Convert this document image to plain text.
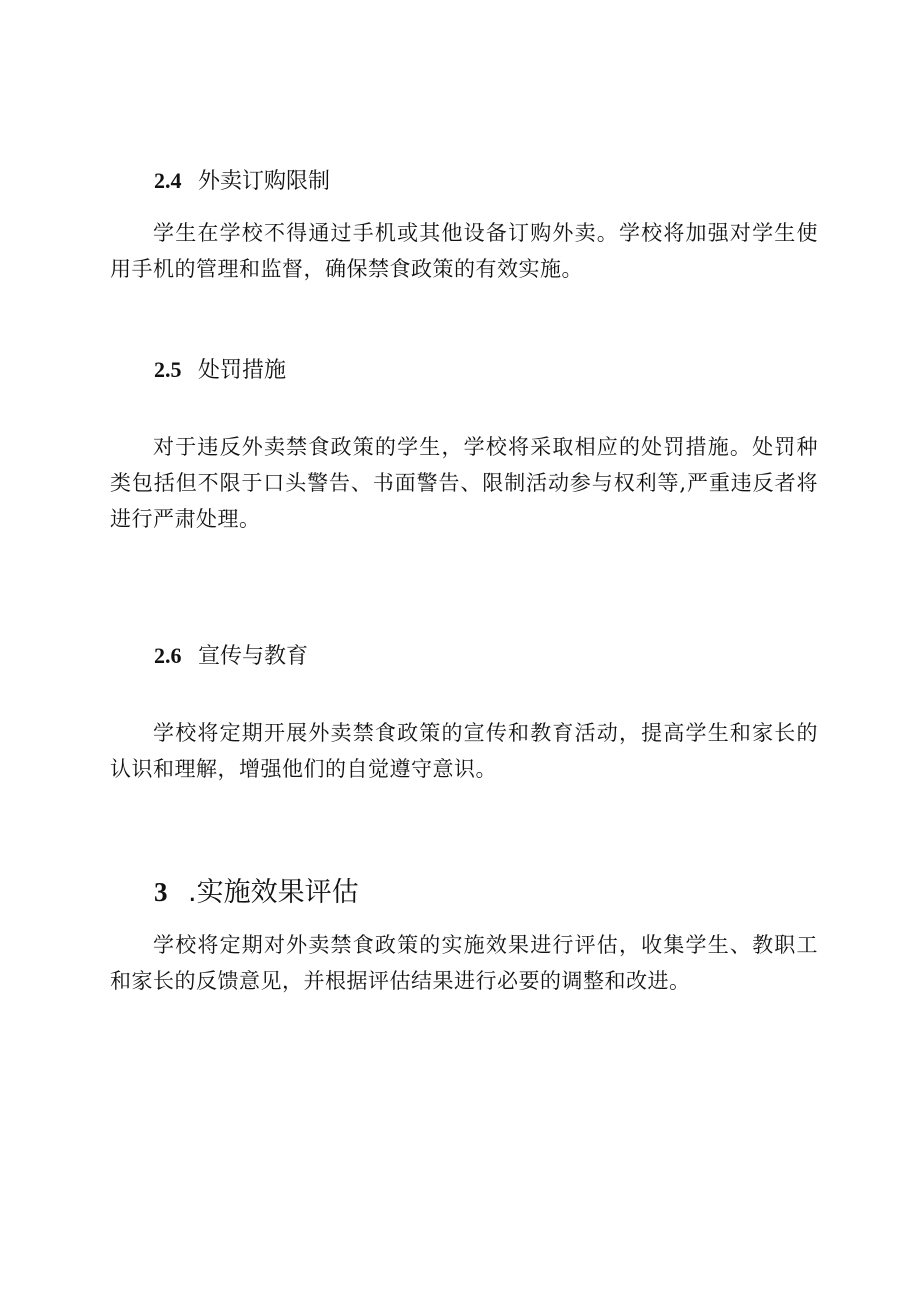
2.4 外卖订购限制

学生在学校不得通过手机或其他设备订购外卖。学校将加强对学生使用手机的管理和监督，确保禁食政策的有效实施。

2.5 处罚措施

对于违反外卖禁食政策的学生，学校将采取相应的处罚措施。处罚种类包括但不限于口头警告、书面警告、限制活动参与权利等,严重违反者将进行严肃处理。

2.6 宣传与教育

学校将定期开展外卖禁食政策的宣传和教育活动，提高学生和家长的认识和理解，增强他们的自觉遵守意识。

3 .实施效果评估

学校将定期对外卖禁食政策的实施效果进行评估，收集学生、教职工和家长的反馈意见，并根据评估结果进行必要的调整和改进。
